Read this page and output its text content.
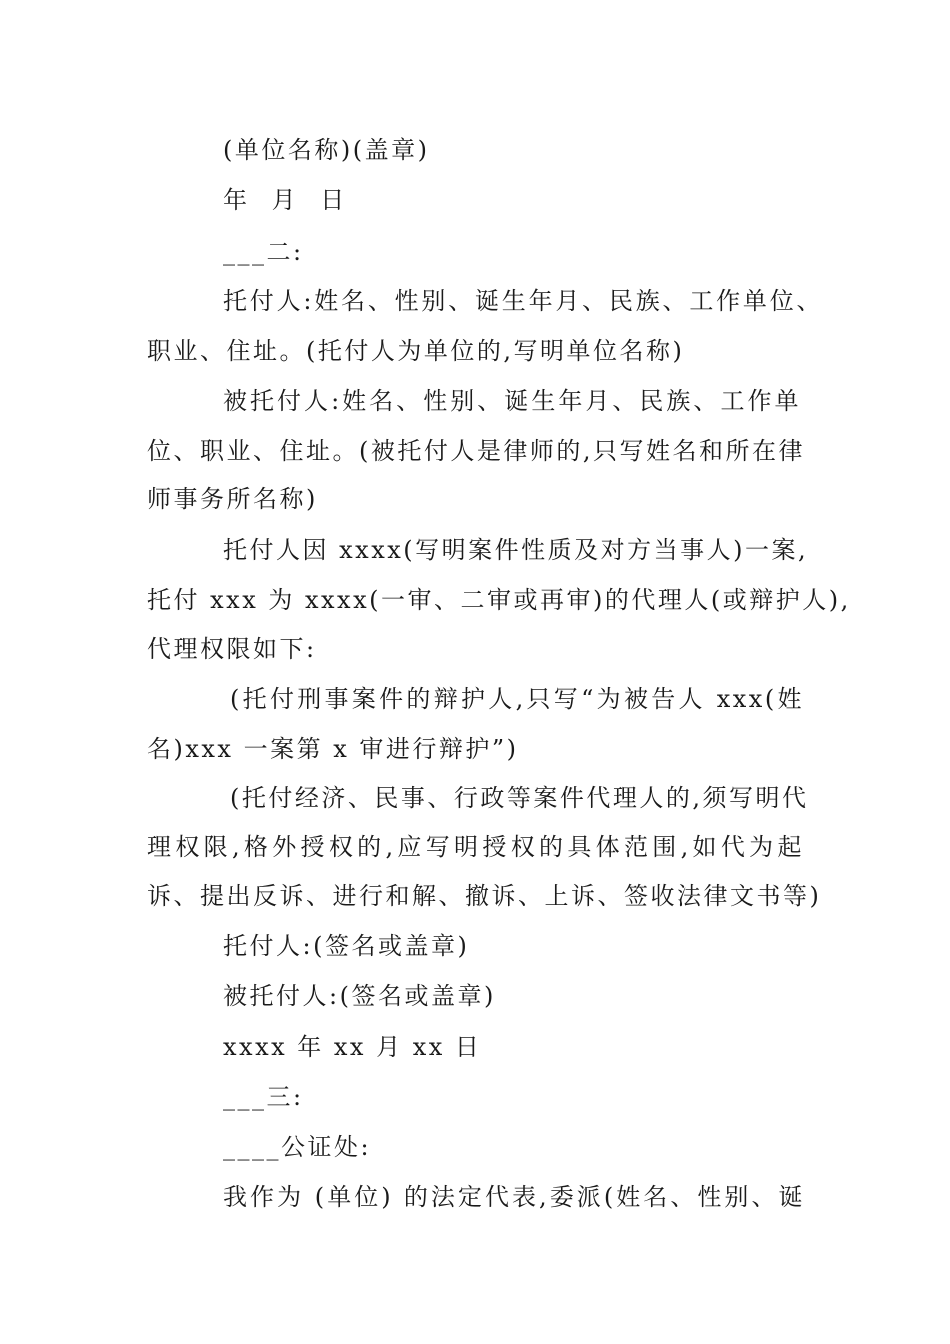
(单位名称)(盖章)
年 月 日
___二:
托付人:姓名、性别、诞生年月、民族、工作单位、
职业、住址。(托付人为单位的,写明单位名称)
被托付人:姓名、性别、诞生年月、民族、工作单
位、职业、住址。(被托付人是律师的,只写姓名和所在律
师事务所名称)
托付人因 xxxx(写明案件性质及对方当事人)一案,
托付 xxx 为 xxxx(一审、二审或再审)的代理人(或辩护人),
代理权限如下:
(托付刑事案件的辩护人,只写“为被告人 xxx(姓
名)xxx 一案第 x 审进行辩护”)
(托付经济、民事、行政等案件代理人的,须写明代
理权限,格外授权的,应写明授权的具体范围,如代为起
诉、提出反诉、进行和解、撤诉、上诉、签收法律文书等)
托付人:(签名或盖章)
被托付人:(签名或盖章)
xxxx 年 xx 月 xx 日
___三:
____公证处:
我作为 (单位) 的法定代表,委派(姓名、性别、诞
